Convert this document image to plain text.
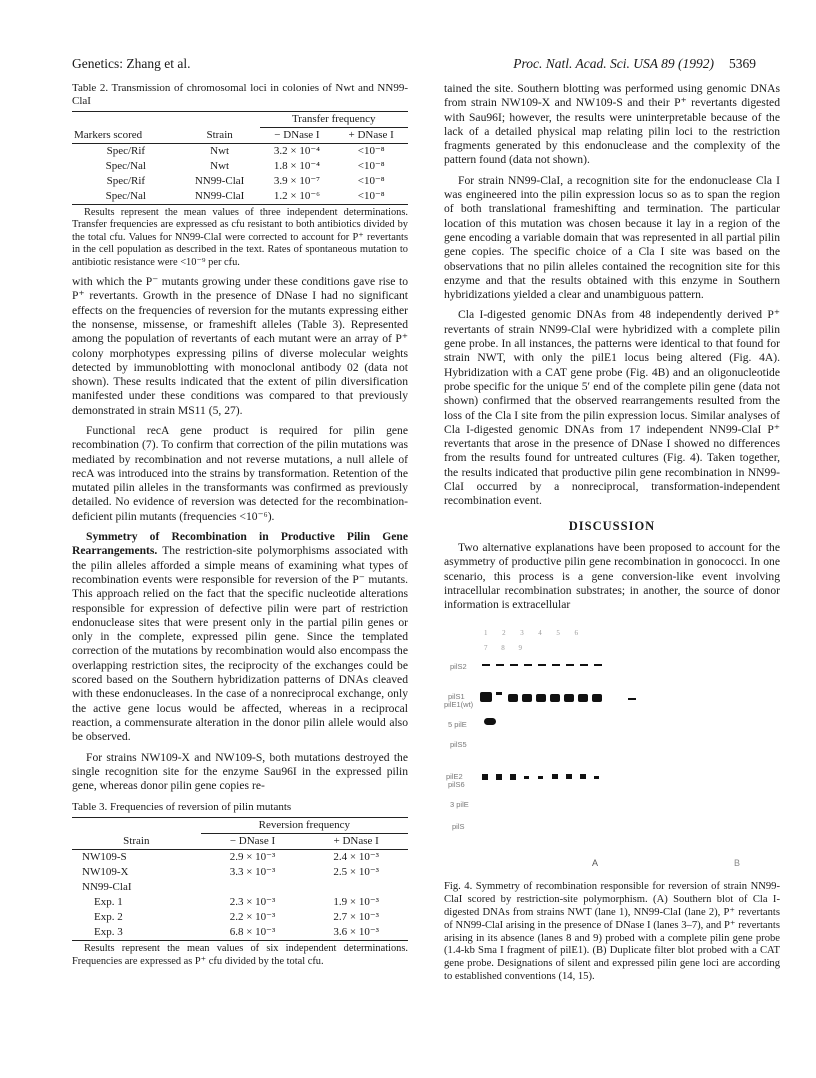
Genetics: Zhang et al.	Proc. Natl. Acad. Sci. USA 89 (1992) 5369

Table 2. Transmission of chromosomal loci in colonies of Nwt and NN99-ClaI

		Transfer frequency	
Markers scored	Strain	− DNase I	+ DNase I
Spec/Rif	Nwt	3.2 × 10⁻⁴	<10⁻⁸
Spec/Nal	Nwt	1.8 × 10⁻⁴	<10⁻⁸
Spec/Rif	NN99-ClaI	3.9 × 10⁻⁷	<10⁻⁸
Spec/Nal	NN99-ClaI	1.2 × 10⁻⁶	<10⁻⁸

Results represent the mean values of three independent determinations. Transfer frequencies are expressed as cfu resistant to both antibiotics divided by the total cfu. Values for NN99-ClaI were corrected to account for P⁺ revertants in the cell population as described in the text. Rates of spontaneous mutation to antibiotic resistance were <10⁻⁹ per cfu.

with which the P⁻ mutants growing under these conditions gave rise to P⁺ revertants. Growth in the presence of DNase I had no significant effects on the frequencies of reversion for the mutants expressing either the nonsense, missense, or frameshift alleles (Table 3). Represented among the population of revertants of each mutant were an array of P⁺ colony morphotypes expressing pilins of diverse molecular weights detected by immunoblotting with monoclonal antibody 02 (data not shown). These results indicated that the extent of pilin diversification manifested under these conditions was compared to that previously demonstrated in strain MS11 (5, 27).

Functional recA gene product is required for pilin gene recombination (7). To confirm that correction of the pilin mutations was mediated by recombination and not reverse mutations, a null allele of recA was introduced into the strains by transformation. Retention of the mutated pilin alleles in the transformants was confirmed as previously detailed. No evidence of reversion was detected for the recombination-deficient pilin mutants (frequencies <10⁻⁶).

Symmetry of Recombination in Productive Pilin Gene Rearrangements. The restriction-site polymorphisms associated with the pilin alleles afforded a simple means of examining what types of recombination events were responsible for reversion of the P⁻ mutants. This approach relied on the fact that the specific nucleotide alterations responsible for expression of defective pilin were part of restriction endonuclease sites that were present only in the partial pilin genes or only in the complete, expressed pilin gene. Since the templated correction of the mutations by recombination would also encompass the overlapping restriction sites, the reciprocity of the exchanges could be scored based on the Southern hybridization patterns of DNAs cleaved with these endonucleases. In the case of a nonreciprocal exchange, only the active gene locus would be affected, whereas in a reciprocal reaction, a commensurate alteration in the donor pilin allele would also be observed.

For strains NW109-X and NW109-S, both mutations destroyed the single recognition site for the enzyme Sau96I in the expressed pilin gene, whereas donor pilin gene copies re-

Table 3. Frequencies of reversion of pilin mutants

	Reversion frequency	
Strain	− DNase I	+ DNase I
NW109-S	2.9 × 10⁻³	2.4 × 10⁻³
NW109-X	3.3 × 10⁻³	2.5 × 10⁻³
NN99-ClaI		
Exp. 1	2.3 × 10⁻³	1.9 × 10⁻³
Exp. 2	2.2 × 10⁻³	2.7 × 10⁻³
Exp. 3	6.8 × 10⁻³	3.6 × 10⁻³

Results represent the mean values of six independent determinations. Frequencies are expressed as P⁺ cfu divided by the total cfu.

tained the site. Southern blotting was performed using genomic DNAs from strain NW109-X and NW109-S and their P⁺ revertants digested with Sau96I; however, the results were uninterpretable because of the lack of a detailed physical map relating pilin loci to the restriction fragments generated by this endonuclease and the complexity of the pattern found (data not shown).

For strain NN99-ClaI, a recognition site for the endonuclease Cla I was engineered into the pilin expression locus so as to span the region of both translational frameshifting and termination. The particular location of this mutation was chosen because it lay in a region of the gene encoding a variable domain that was represented in all partial pilin gene copies. The specific choice of a Cla I site was based on the observations that no pilin alleles contained the recognition site for this enzyme and that the results obtained with this enzyme in Southern hybridizations yielded a clear and unambiguous pattern.

Cla I-digested genomic DNAs from 48 independently derived P⁺ revertants of strain NN99-ClaI were hybridized with a complete pilin gene probe. In all instances, the patterns were identical to that found for strain NWT, with only the pilE1 locus being altered (Fig. 4A). Hybridization with a CAT gene probe (Fig. 4B) and an oligonucleotide probe specific for the unique 5′ end of the complete pilin gene (data not shown) confirmed that the observed rearrangements resulted from the loss of the Cla I site from the pilin expression locus. Similar analyses of Cla I-digested genomic DNAs from 17 independent NN99-ClaI P⁺ revertants that arose in the presence of DNase I showed no differences from the results found for untreated cultures (Fig. 4). Taken together, the results indicated that productive pilin gene recombination in NN99-ClaI occurred by a nonreciprocal, transformation-independent recombination event.

DISCUSSION

Two alternative explanations have been proposed to account for the asymmetry of productive pilin gene recombination in gonococci. In one scenario, this process is a gene conversion-like event involving intracellular recombination substrates; in another, the source of donor information is extracellular

1 2 3 4 5 6 7 8 9
pilS2
pilS1
pilE1(wt)
5 pilE
pilS5
pilE2
pilS6
3 pilE
pilS
A	B

Fig. 4. Symmetry of recombination responsible for reversion of strain NN99-ClaI scored by restriction-site polymorphism. (A) Southern blot of Cla I-digested DNAs from strains NWT (lane 1), NN99-ClaI (lane 2), P⁺ revertants of NN99-ClaI arising in the presence of DNase I (lanes 3–7), and P⁺ revertants arising in its absence (lanes 8 and 9) probed with a complete pilin gene probe (1.4-kb Sma I fragment of pilE1). (B) Duplicate filter blot probed with a CAT gene probe. Designations of silent and expressed pilin gene loci are according to established conventions (14, 15).
